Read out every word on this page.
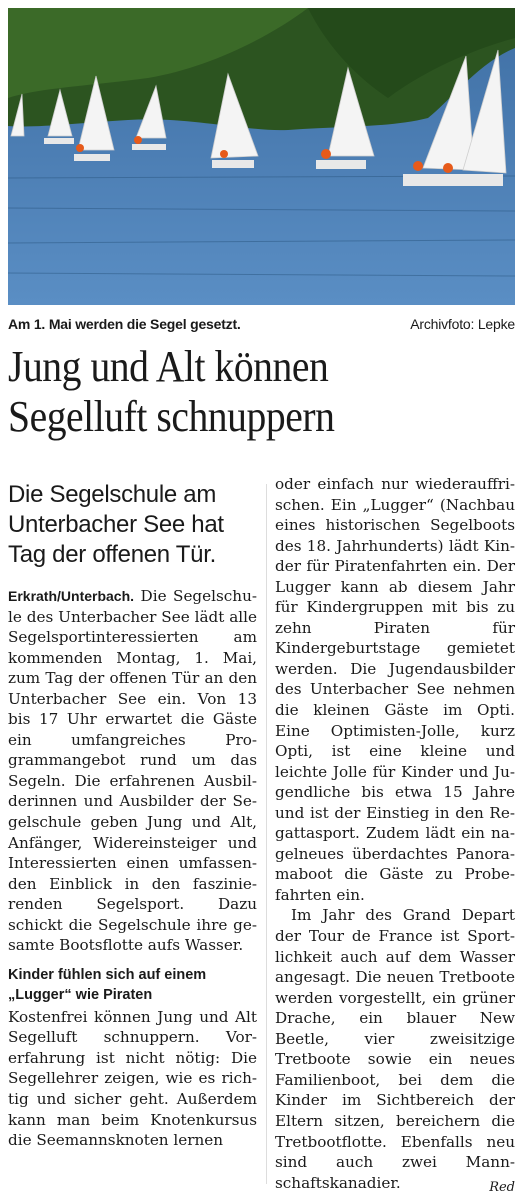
Am 1. Mai werden die Segel gesetzt.	Archivfoto: Lepke
Jung und Alt können
Segelluft schnuppern

Die Segelschule am Unterbacher See hat Tag der offenen Tür.

Erkrath/Unterbach. Die Segelschule des Unterbacher See lädt alle Segelsportinteressierten am kommenden Montag, 1. Mai, zum Tag der offenen Tür an den Unterbacher See ein. Von 13 bis 17 Uhr erwartet die Gäste ein umfangreiches Programmangebot rund um das Segeln. Die erfahrenen Ausbilderinnen und Ausbilder der Segelschule geben Jung und Alt, Anfänger, Widereinsteiger und Interessierten einen umfassenden Einblick in den faszinierenden Segelsport. Dazu schickt die Segelschule ihre gesamte Bootsflotte aufs Wasser.

Kinder fühlen sich auf einem „Lugger“ wie Piraten

Kostenfrei können Jung und Alt Segelluft schnuppern. Vorerfahrung ist nicht nötig: Die Segellehrer zeigen, wie es richtig und sicher geht. Außerdem kann man beim Knotenkursus die Seemannsknoten lernen

oder einfach nur wiederauffrischen. Ein „Lugger“ (Nachbau eines historischen Segelboots des 18. Jahrhunderts) lädt Kinder für Piratenfahrten ein. Der Lugger kann ab diesem Jahr für Kindergruppen mit bis zu zehn Piraten für Kindergeburtstage gemietet werden. Die Jugendausbilder des Unterbacher See nehmen die kleinen Gäste im Opti. Eine Optimisten-Jolle, kurz Opti, ist eine kleine und leichte Jolle für Kinder und Jugendliche bis etwa 15 Jahre und ist der Einstieg in den Regattasport. Zudem lädt ein nagelneues überdachtes Panoramaboot die Gäste zu Probefahrten ein.

Im Jahr des Grand Depart der Tour de France ist Sportlichkeit auch auf dem Wasser angesagt. Die neuen Tretboote werden vorgestellt, ein grüner Drache, ein blauer New Beetle, vier zweisitzige Tretboote sowie ein neues Familienboot, bei dem die Kinder im Sichtbereich der Eltern sitzen, bereichern die Tretbootflotte. Ebenfalls neu sind auch zwei Mannschaftskanadier.	Red
